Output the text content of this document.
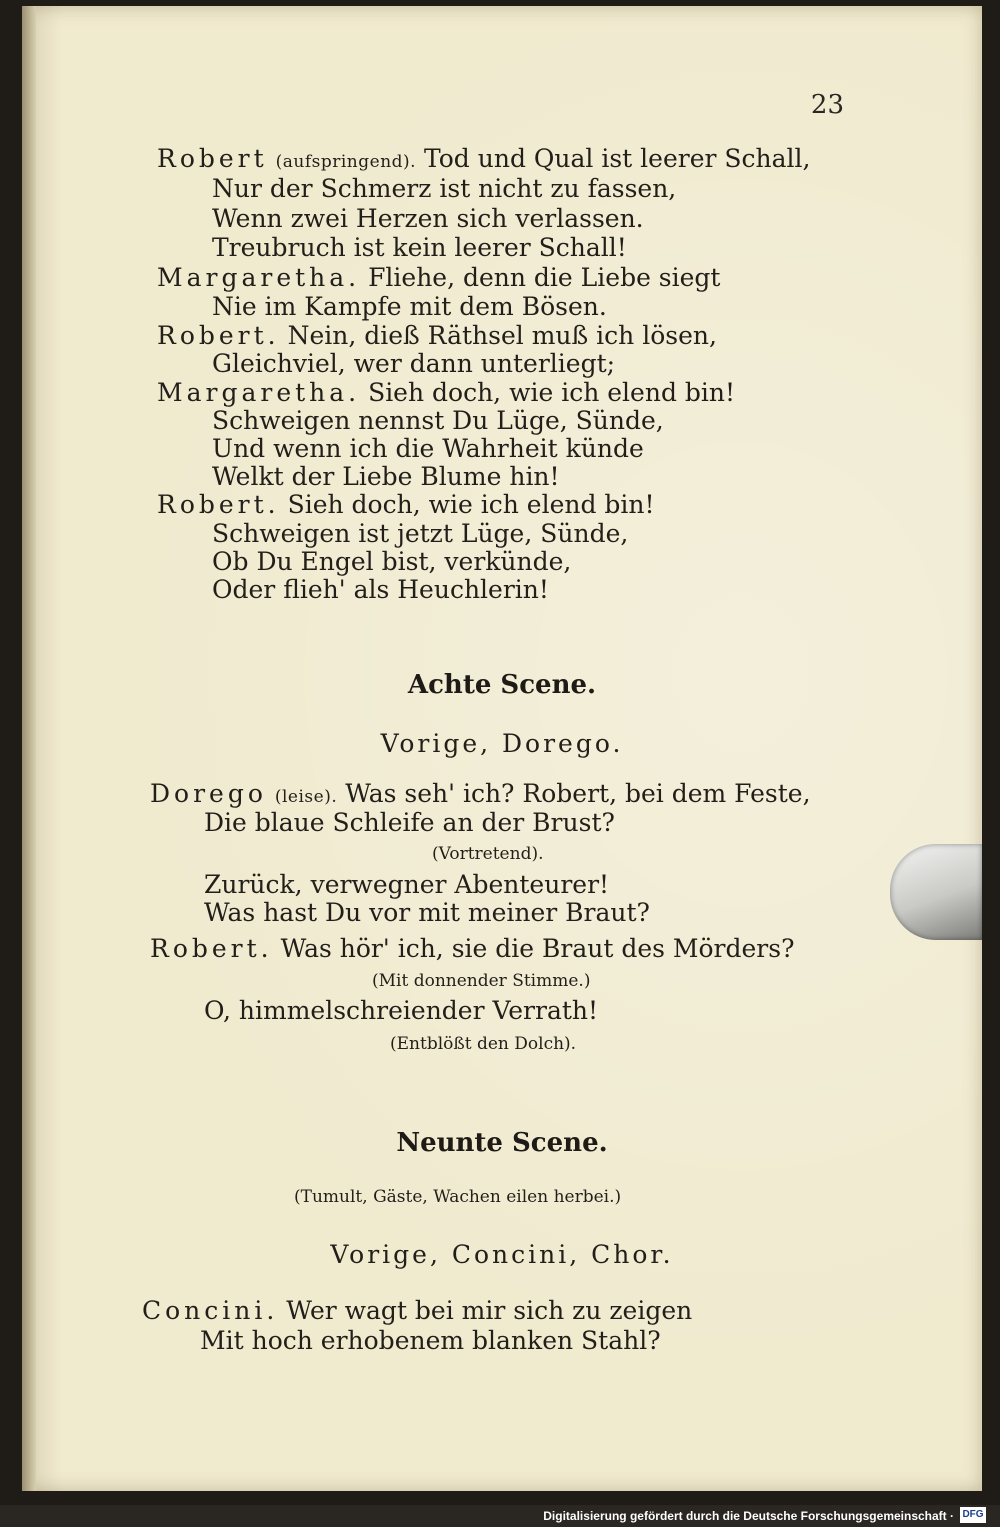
23

Robert (aufspringend). Tod und Qual ist leerer Schall,

Nur der Schmerz ist nicht zu fassen,

Wenn zwei Herzen sich verlassen.

Treubruch ist kein leerer Schall!

Margaretha. Fliehe, denn die Liebe siegt

Nie im Kampfe mit dem Bösen.

Robert. Nein, dieß Räthsel muß ich lösen,

Gleichviel, wer dann unterliegt;

Margaretha. Sieh doch, wie ich elend bin!

Schweigen nennst Du Lüge, Sünde,

Und wenn ich die Wahrheit künde

Welkt der Liebe Blume hin!

Robert. Sieh doch, wie ich elend bin!

Schweigen ist jetzt Lüge, Sünde,

Ob Du Engel bist, verkünde,

Oder flieh' als Heuchlerin!

Achte Scene.

Vorige, Dorego.

Dorego (leise). Was seh' ich? Robert, bei dem Feste,

Die blaue Schleife an der Brust?

(Vortretend).

Zurück, verwegner Abenteurer!

Was hast Du vor mit meiner Braut?

Robert. Was hör' ich, sie die Braut des Mörders?

(Mit donnender Stimme.)

O, himmelschreiender Verrath!

(Entblößt den Dolch).

Neunte Scene.

(Tumult, Gäste, Wachen eilen herbei.)

Vorige, Concini, Chor.

Concini. Wer wagt bei mir sich zu zeigen

Mit hoch erhobenem blanken Stahl?

Digitalisierung gefördert durch die Deutsche Forschungsgemeinschaft · DFG
